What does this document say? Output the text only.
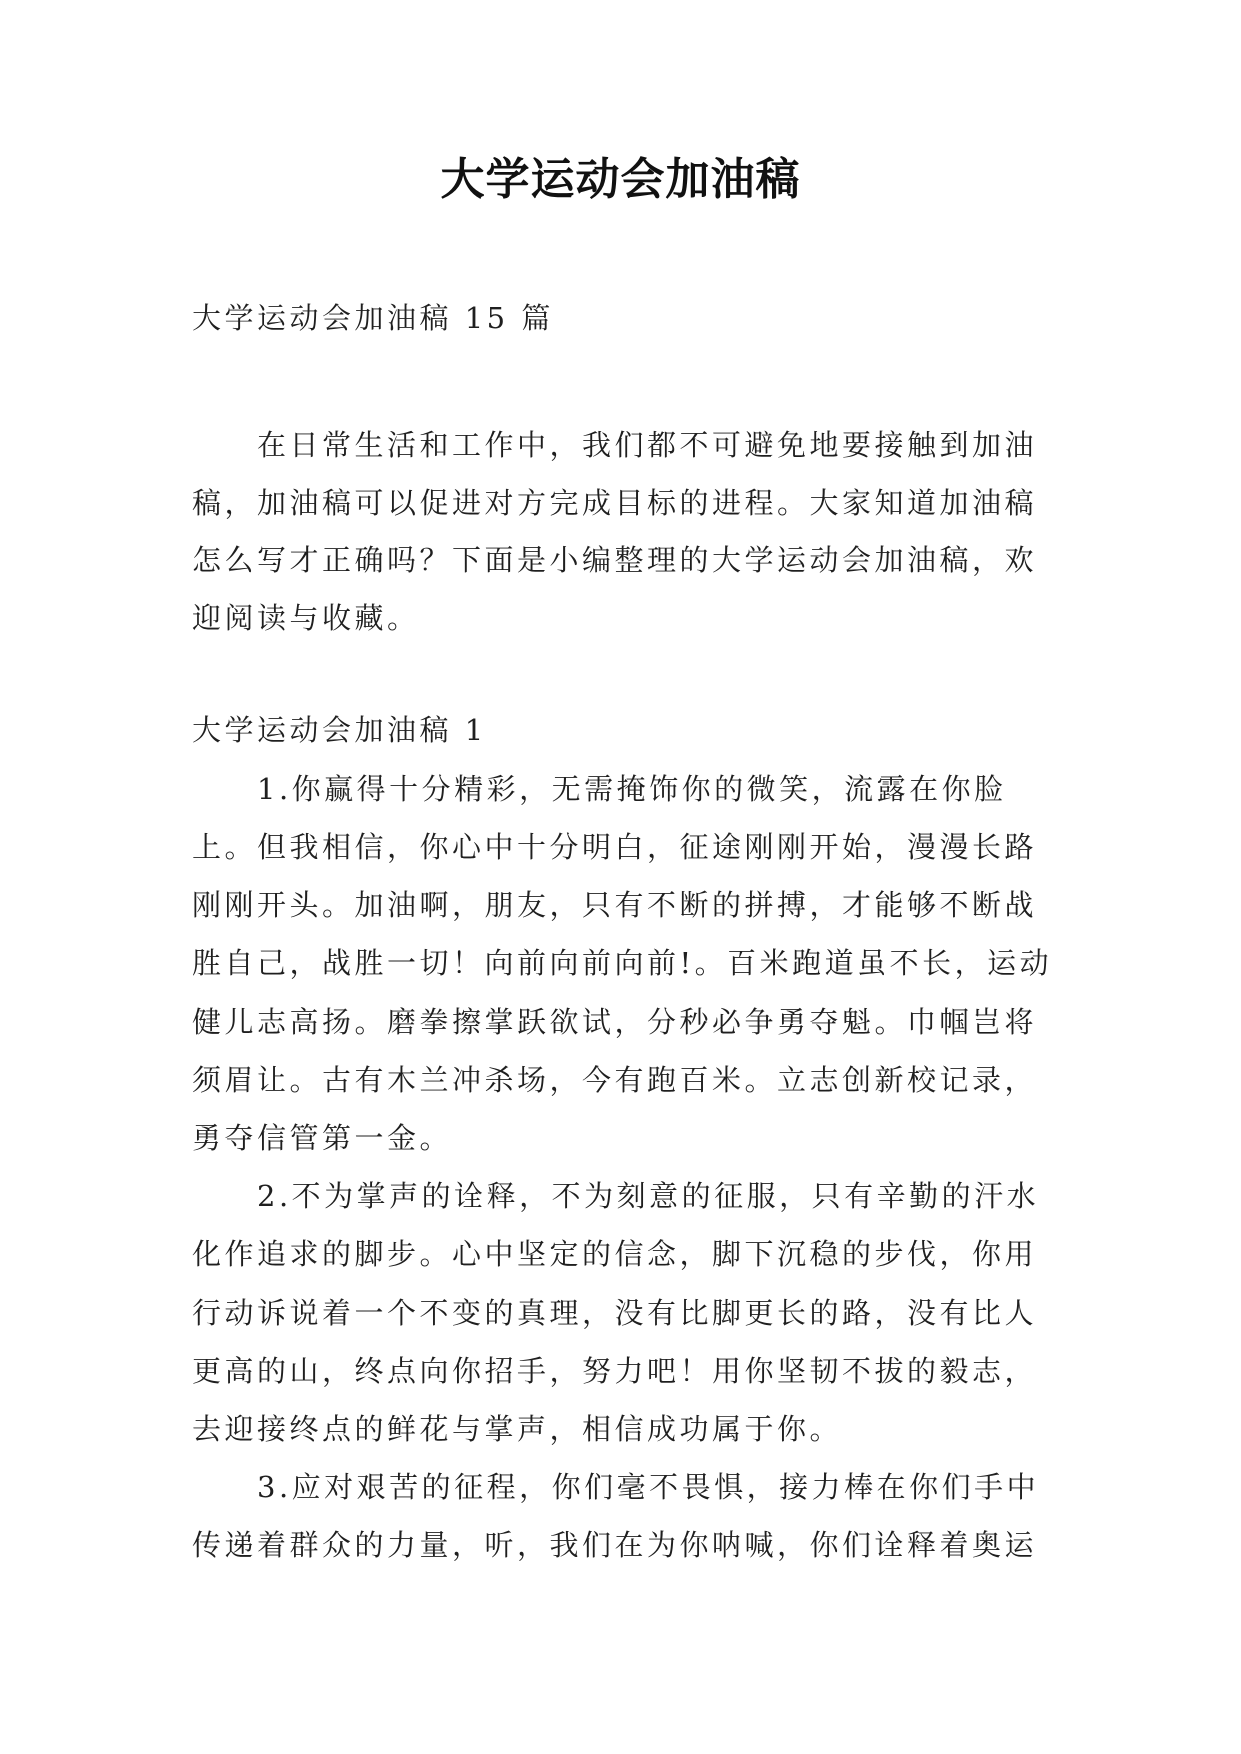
大学运动会加油稿

大学运动会加油稿 15 篇

在日常生活和工作中，我们都不可避免地要接触到加油稿，加油稿可以促进对方完成目标的进程。大家知道加油稿怎么写才正确吗？下面是小编整理的大学运动会加油稿，欢迎阅读与收藏。

大学运动会加油稿 1

1.你赢得十分精彩，无需掩饰你的微笑，流露在你脸上。但我相信，你心中十分明白，征途刚刚开始，漫漫长路刚刚开头。加油啊，朋友，只有不断的拼搏，才能够不断战胜自己，战胜一切！向前向前向前!。百米跑道虽不长，运动健儿志高扬。磨拳擦掌跃欲试，分秒必争勇夺魁。巾帼岂将须眉让。古有木兰冲杀场，今有跑百米。立志创新校记录，勇夺信管第一金。

2.不为掌声的诠释，不为刻意的征服，只有辛勤的汗水化作追求的脚步。心中坚定的信念，脚下沉稳的步伐，你用行动诉说着一个不变的真理，没有比脚更长的路，没有比人更高的山，终点向你招手，努力吧！用你坚韧不拔的毅志，去迎接终点的鲜花与掌声，相信成功属于你。

3.应对艰苦的征程，你们毫不畏惧，接力棒在你们手中传递着群众的力量，听，我们在为你呐喊，你们诠释着奥运
